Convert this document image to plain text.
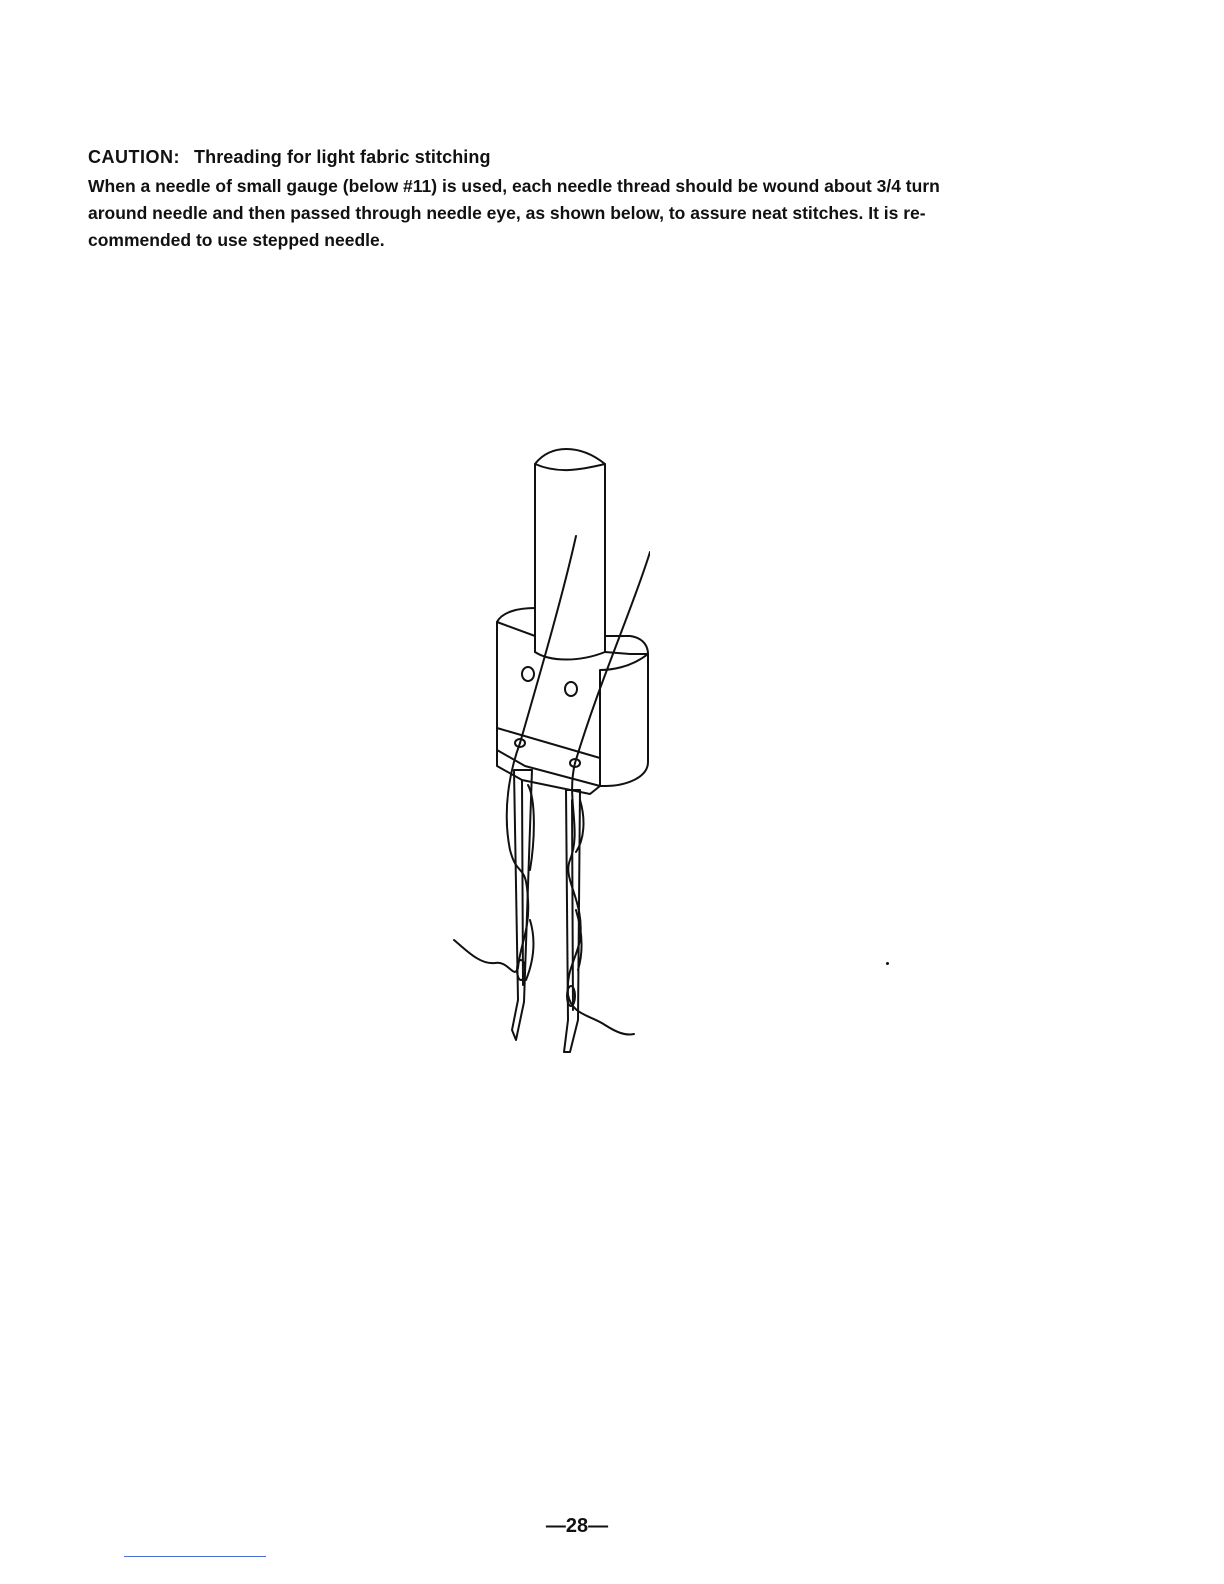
CAUTION: Threading for light fabric stitching

When a needle of small gauge (below #11) is used, each needle thread should be wound about 3/4 turn
around needle and then passed through needle eye, as shown below, to assure neat stitches. It is re-
commended to use stepped needle.

—28—
